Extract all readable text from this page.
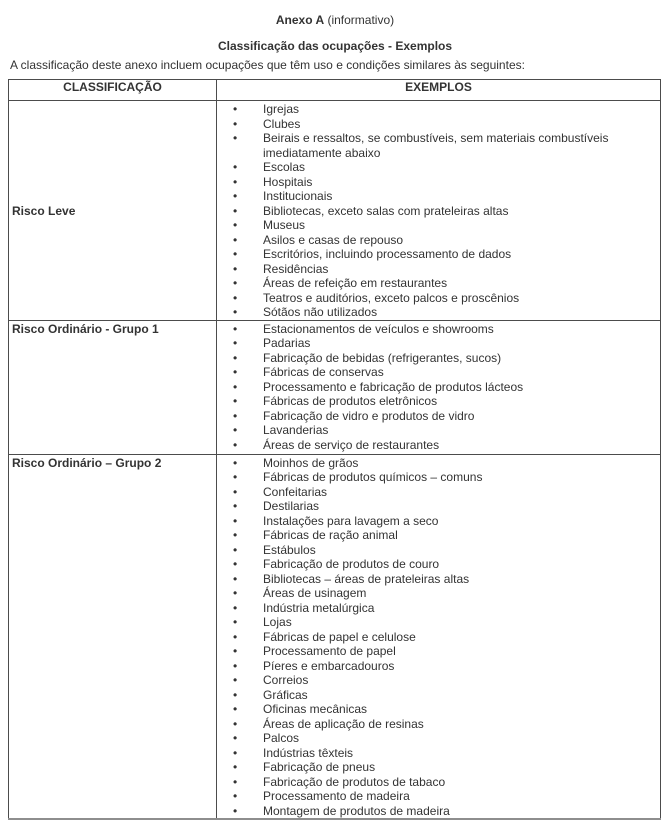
Anexo A (informativo)
Classificação das ocupações - Exemplos
A classificação deste anexo incluem ocupações que têm uso e condições similares às seguintes:
CLASSIFICAÇÃO	EXEMPLOS

Risco Leve

•	Igrejas
•	Clubes
•	Beirais e ressaltos, se combustíveis, sem materiais combustíveis imediatamente abaixo
•	Escolas
•	Hospitais
•	Institucionais
•	Bibliotecas, exceto salas com prateleiras altas
•	Museus
•	Asilos e casas de repouso
•	Escritórios, incluindo processamento de dados
•	Residências
•	Áreas de refeição em restaurantes
•	Teatros e auditórios, exceto palcos e proscênios
•	Sótãos não utilizados

Risco Ordinário - Grupo 1	•	Estacionamentos de veículos e showrooms
•	Padarias
•	Fabricação de bebidas (refrigerantes, sucos)
•	Fábricas de conservas
•	Processamento e fabricação de produtos lácteos
•	Fábricas de produtos eletrônicos
•	Fabricação de vidro e produtos de vidro
•	Lavanderias
•	Áreas de serviço de restaurantes

Risco Ordinário – Grupo 2	•	Moinhos de grãos
•	Fábricas de produtos químicos – comuns
•	Confeitarias
•	Destilarias
•	Instalações para lavagem a seco
•	Fábricas de ração animal
•	Estábulos
•	Fabricação de produtos de couro
•	Bibliotecas – áreas de prateleiras altas
•	Áreas de usinagem
•	Indústria metalúrgica
•	Lojas
•	Fábricas de papel e celulose
•	Processamento de papel
•	Píeres e embarcadouros
•	Correios
•	Gráficas
•	Oficinas mecânicas
•	Áreas de aplicação de resinas
•	Palcos
•	Indústrias têxteis
•	Fabricação de pneus
•	Fabricação de produtos de tabaco
•	Processamento de madeira
•	Montagem de produtos de madeira
